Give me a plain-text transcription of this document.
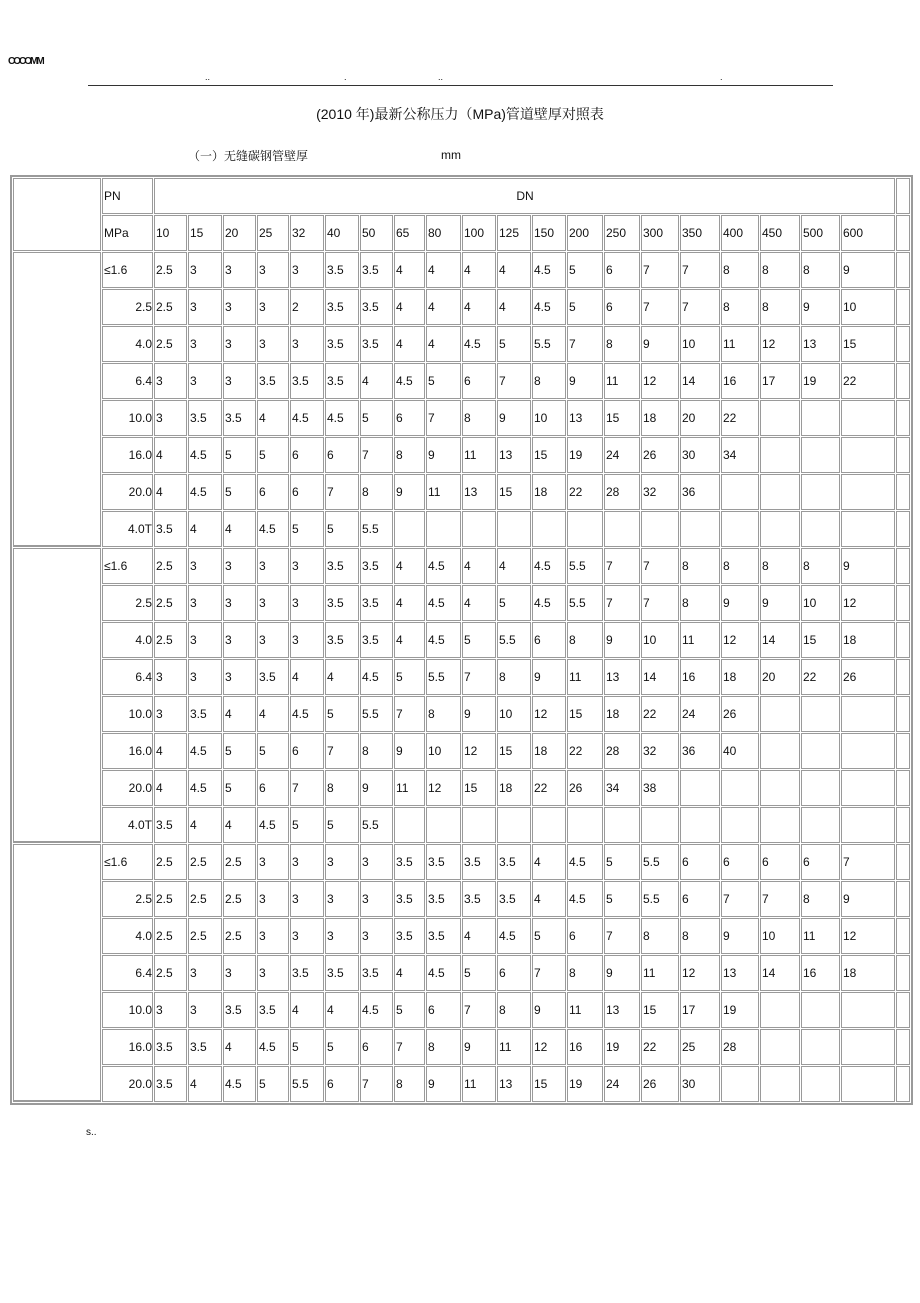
COCOMM
..	.	..	.
(2010 年)最新公称压力（MPa)管道壁厚对照表
（一）无缝碳钢管壁厚	mm
	PN	DN																				
	MPa	10	15	20	25	32	40	50	65	80	100	125	150	200	250	300	350	400	450	500	600	
	≤1.6	2.5	3	3	3	3	3.5	3.5	4	4	4	4	4.5	5	6	7	7	8	8	8	9	
	2.5	2.5	3	3	3	2	3.5	3.5	4	4	4	4	4.5	5	6	7	7	8	8	9	10	
	4.0	2.5	3	3	3	3	3.5	3.5	4	4	4.5	5	5.5	7	8	9	10	11	12	13	15	
	6.4	3	3	3	3.5	3.5	3.5	4	4.5	5	6	7	8	9	11	12	14	16	17	19	22	
	10.0	3	3.5	3.5	4	4.5	4.5	5	6	7	8	9	10	13	15	18	20	22				
	16.0	4	4.5	5	5	6	6	7	8	9	11	13	15	19	24	26	30	34				
	20.0	4	4.5	5	6	6	7	8	9	11	13	15	18	22	28	32	36					
	4.0T	3.5	4	4	4.5	5	5	5.5														
	≤1.6	2.5	3	3	3	3	3.5	3.5	4	4.5	4	4	4.5	5.5	7	7	8	8	8	8	9	
	2.5	2.5	3	3	3	3	3.5	3.5	4	4.5	4	5	4.5	5.5	7	7	8	9	9	10	12	
	4.0	2.5	3	3	3	3	3.5	3.5	4	4.5	5	5.5	6	8	9	10	11	12	14	15	18	
	6.4	3	3	3	3.5	4	4	4.5	5	5.5	7	8	9	11	13	14	16	18	20	22	26	
	10.0	3	3.5	4	4	4.5	5	5.5	7	8	9	10	12	15	18	22	24	26				
	16.0	4	4.5	5	5	6	7	8	9	10	12	15	18	22	28	32	36	40				
	20.0	4	4.5	5	6	7	8	9	11	12	15	18	22	26	34	38						
	4.0T	3.5	4	4	4.5	5	5	5.5														
	≤1.6	2.5	2.5	2.5	3	3	3	3	3.5	3.5	3.5	3.5	4	4.5	5	5.5	6	6	6	6	7	
	2.5	2.5	2.5	2.5	3	3	3	3	3.5	3.5	3.5	3.5	4	4.5	5	5.5	6	7	7	8	9	
	4.0	2.5	2.5	2.5	3	3	3	3	3.5	3.5	4	4.5	5	6	7	8	8	9	10	11	12	
	6.4	2.5	3	3	3	3.5	3.5	3.5	4	4.5	5	6	7	8	9	11	12	13	14	16	18	
	10.0	3	3	3.5	3.5	4	4	4.5	5	6	7	8	9	11	13	15	17	19				
	16.0	3.5	3.5	4	4.5	5	5	6	7	8	9	11	12	16	19	22	25	28				
	20.0	3.5	4	4.5	5	5.5	6	7	8	9	11	13	15	19	24	26	30					
s..
